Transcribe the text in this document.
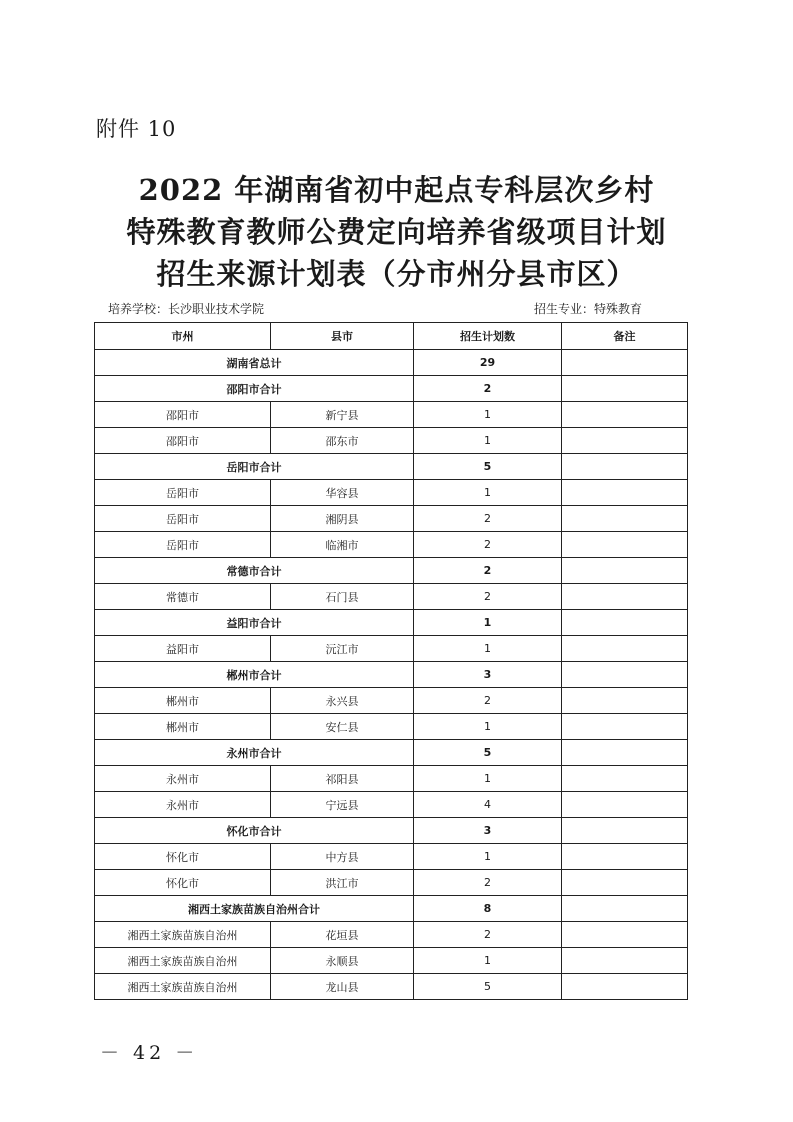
附件 10
2022 年湖南省初中起点专科层次乡村
特殊教育教师公费定向培养省级项目计划
招生来源计划表（分市州分县市区）
培养学校：长沙职业技术学院	招生专业：特殊教育
市州	县市	招生计划数	备注
湖南省总计		29	
邵阳市合计		2	
邵阳市	新宁县	1	
邵阳市	邵东市	1	
岳阳市合计		5	
岳阳市	华容县	1	
岳阳市	湘阴县	2	
岳阳市	临湘市	2	
常德市合计		2	
常德市	石门县	2	
益阳市合计		1	
益阳市	沅江市	1	
郴州市合计		3	
郴州市	永兴县	2	
郴州市	安仁县	1	
永州市合计		5	
永州市	祁阳县	1	
永州市	宁远县	4	
怀化市合计		3	
怀化市	中方县	1	
怀化市	洪江市	2	
湘西土家族苗族自治州合计		8	
湘西土家族苗族自治州	花垣县	2	
湘西土家族苗族自治州	永顺县	1	
湘西土家族苗族自治州	龙山县	5	
－ 42 －
